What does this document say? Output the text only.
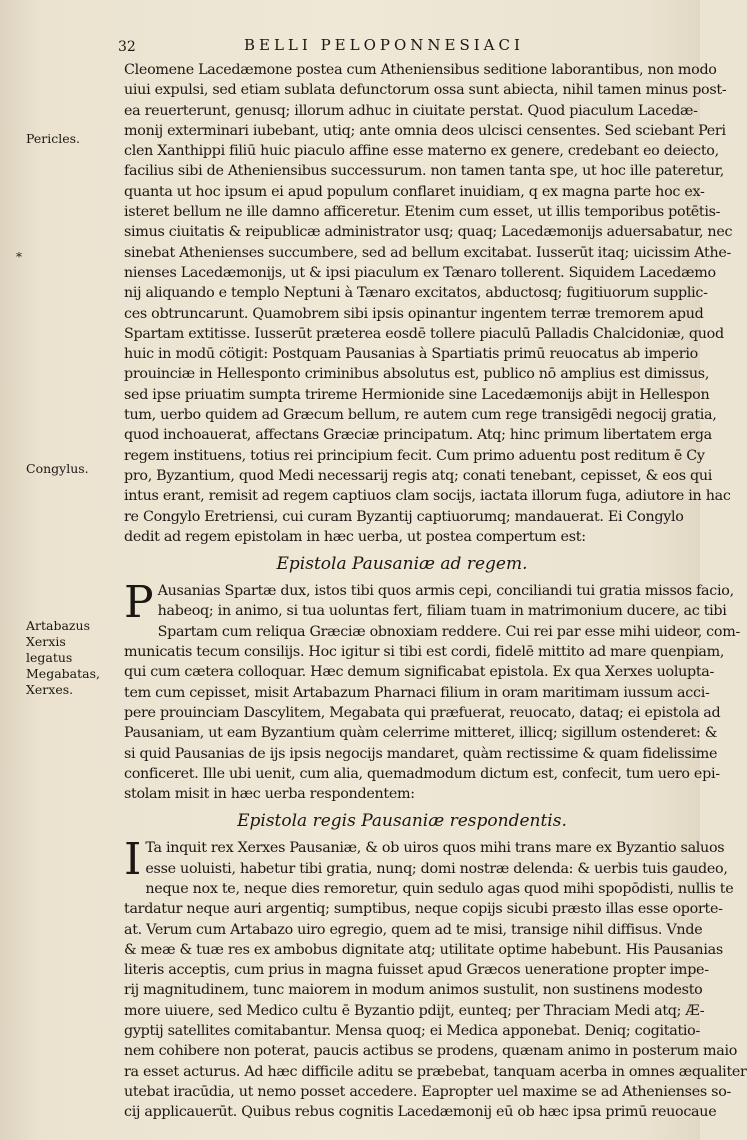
32	BELLI PELOPONNESIACI
Pericles.
*
Congylus.
Artabazus
Xerxis
legatus
Megabatas,
Xerxes.
Cleomene Lacedæmone postea cum Atheniensibus seditione laborantibus, non modo
uiui expulsi, sed etiam sublata defunctorum ossa sunt abiecta, nihil tamen minus post-
ea reuerterunt, genusq; illorum adhuc in ciuitate perstat. Quod piaculum Lacedæ-
monij exterminari iubebant, utiq; ante omnia deos ulcisci censentes. Sed sciebant Peri
clen Xanthippi filiū huic piaculo affine esse materno ex genere, credebant eo deiecto,
facilius sibi de Atheniensibus successurum. non tamen tanta spe, ut hoc ille pateretur,
quanta ut hoc ipsum ei apud populum conflaret inuidiam, q ex magna parte hoc ex-
isteret bellum ne ille damno afficeretur. Etenim cum esset, ut illis temporibus potētis-
simus ciuitatis & reipublicæ administrator usq; quaq; Lacedæmonijs aduersabatur, nec
sinebat Athenienses succumbere, sed ad bellum excitabat. Iusserūt itaq; uicissim Athe-
nienses Lacedæmonijs, ut & ipsi piaculum ex Tænaro tollerent. Siquidem Lacedæmo
nij aliquando e templo Neptuni à Tænaro excitatos, abductosq; fugitiuorum supplic-
ces obtruncarunt. Quamobrem sibi ipsis opinantur ingentem terræ tremorem apud
Spartam extitisse. Iusserūt præterea eosdē tollere piaculū Palladis Chalcidoniæ, quod
huic in modū cötigit: Postquam Pausanias à Spartiatis primū reuocatus ab imperio
prouinciæ in Hellesponto criminibus absolutus est, publico nō amplius est dimissus,
sed ipse priuatim sumpta trireme Hermionide sine Lacedæmonijs abijt in Hellespon
tum, uerbo quidem ad Græcum bellum, re autem cum rege transigēdi negocij gratia,
quod inchoauerat, affectans Græciæ principatum. Atq; hinc primum libertatem erga
regem instituens, totius rei principium fecit. Cum primo aduentu post reditum ē Cy
pro, Byzantium, quod Medi necessarij regis atq; conati tenebant, cepisset, & eos qui
intus erant, remisit ad regem captiuos clam socijs, iactata illorum fuga, adiutore in hac
re Congylo Eretriensi, cui curam Byzantij captiuorumq; mandauerat. Ei Congylo
dedit ad regem epistolam in hæc uerba, ut postea compertum est:
Epistola Pausaniæ ad regem.
P Ausanias Spartæ dux, istos tibi quos armis cepi, conciliandi tui gratia missos facio,
habeoq; in animo, si tua uoluntas fert, filiam tuam in matrimonium ducere, ac tibi
Spartam cum reliqua Græciæ obnoxiam reddere. Cui rei par esse mihi uideor, com-
municatis tecum consilijs. Hoc igitur si tibi est cordi, fidelē mittito ad mare quenpiam,
qui cum cætera colloquar. Hæc demum significabat epistola. Ex qua Xerxes uolupta-
tem cum cepisset, misit Artabazum Pharnaci filium in oram maritimam iussum acci-
pere prouinciam Dascylitem, Megabata qui præfuerat, reuocato, dataq; ei epistola ad
Pausaniam, ut eam Byzantium quàm celerrime mitteret, illicq; sigillum ostenderet: &
si quid Pausanias de ijs ipsis negocijs mandaret, quàm rectissime & quam fidelissime
conficeret. Ille ubi uenit, cum alia, quemadmodum dictum est, confecit, tum uero epi-
stolam misit in hæc uerba respondentem:
Epistola regis Pausaniæ respondentis.
I Ta inquit rex Xerxes Pausaniæ, & ob uiros quos mihi trans mare ex Byzantio saluos
esse uoluisti, habetur tibi gratia, nunq; domi nostræ delenda: & uerbis tuis gaudeo,
neque nox te, neque dies remoretur, quin sedulo agas quod mihi spopōdisti, nullis te
tardatur neque auri argentiq; sumptibus, neque copijs sicubi præsto illas esse oporte-
at. Verum cum Artabazo uiro egregio, quem ad te misi, transige nihil diffisus. Vnde
& meæ & tuæ res ex ambobus dignitate atq; utilitate optime habebunt. His Pausanias
literis acceptis, cum prius in magna fuisset apud Græcos ueneratione propter impe-
rij magnitudinem, tunc maiorem in modum animos sustulit, non sustinens modesto
more uiuere, sed Medico cultu ē Byzantio pdijt, eunteq; per Thraciam Medi atq; Æ-
gyptij satellites comitabantur. Mensa quoq; ei Medica apponebat. Deniq; cogitatio-
nem cohibere non poterat, paucis actibus se prodens, quænam animo in posterum maio
ra esset acturus. Ad hæc difficile aditu se præbebat, tanquam acerba in omnes æqualiter
utebat iracūdia, ut nemo posset accedere. Eapropter uel maxime se ad Athenienses so-
cij applicauerūt. Quibus rebus cognitis Lacedæmonij eū ob hæc ipsa primū reuocaue
